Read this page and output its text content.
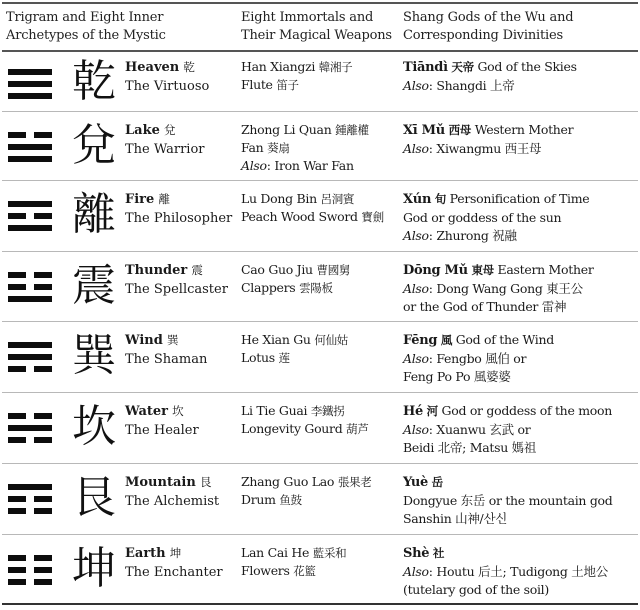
Trigram and Eight Inner
Archetypes of the Mystic
Eight Immortals and
Their Magical Weapons
Shang Gods of the Wu and
Corresponding Divinities
乾 Heaven 乾
The Virtuoso
Han Xiangzi 韓湘子
Flute 笛子
Tiāndì 天帝 God of the Skies
Also: Shangdi 上帝
兌 Lake 兌
The Warrior
Zhong Li Quan 鍾離權
Fan 葵扇
Also: Iron War Fan
Xī Mǔ 西母 Western Mother
Also: Xiwangmu 西王母
離 Fire 離
The Philosopher
Lu Dong Bin 呂洞賓
Peach Wood Sword 寶劍
Xún 旬 Personification of Time
God or goddess of the sun
Also: Zhurong 祝融
震 Thunder 震
The Spellcaster
Cao Guo Jiu 曹國舅
Clappers 雲陽板
Dōng Mǔ 東母 Eastern Mother
Also: Dong Wang Gong 東王公
or the God of Thunder 雷神
巽 Wind 巽
The Shaman
He Xian Gu 何仙姑
Lotus 莲
Fēng 風 God of the Wind
Also: Fengbo 風伯 or
Feng Po Po 風婆婆
坎 Water 坎
The Healer
Li Tie Guai 李鐵拐
Longevity Gourd 葫芦
Hé 河 God or goddess of the moon
Also: Xuanwu 玄武 or
Beidi 北帝; Matsu 媽祖
艮 Mountain 艮
The Alchemist
Zhang Guo Lao 張果老
Drum 鱼鼓
Yuè 岳
Dongyue 东岳 or the mountain god
Sanshin 山神/산신
坤 Earth 坤
The Enchanter
Lan Cai He 藍采和
Flowers 花籃
Shè 社
Also: Houtu 后土; Tudigong 土地公
(tutelary god of the soil)
